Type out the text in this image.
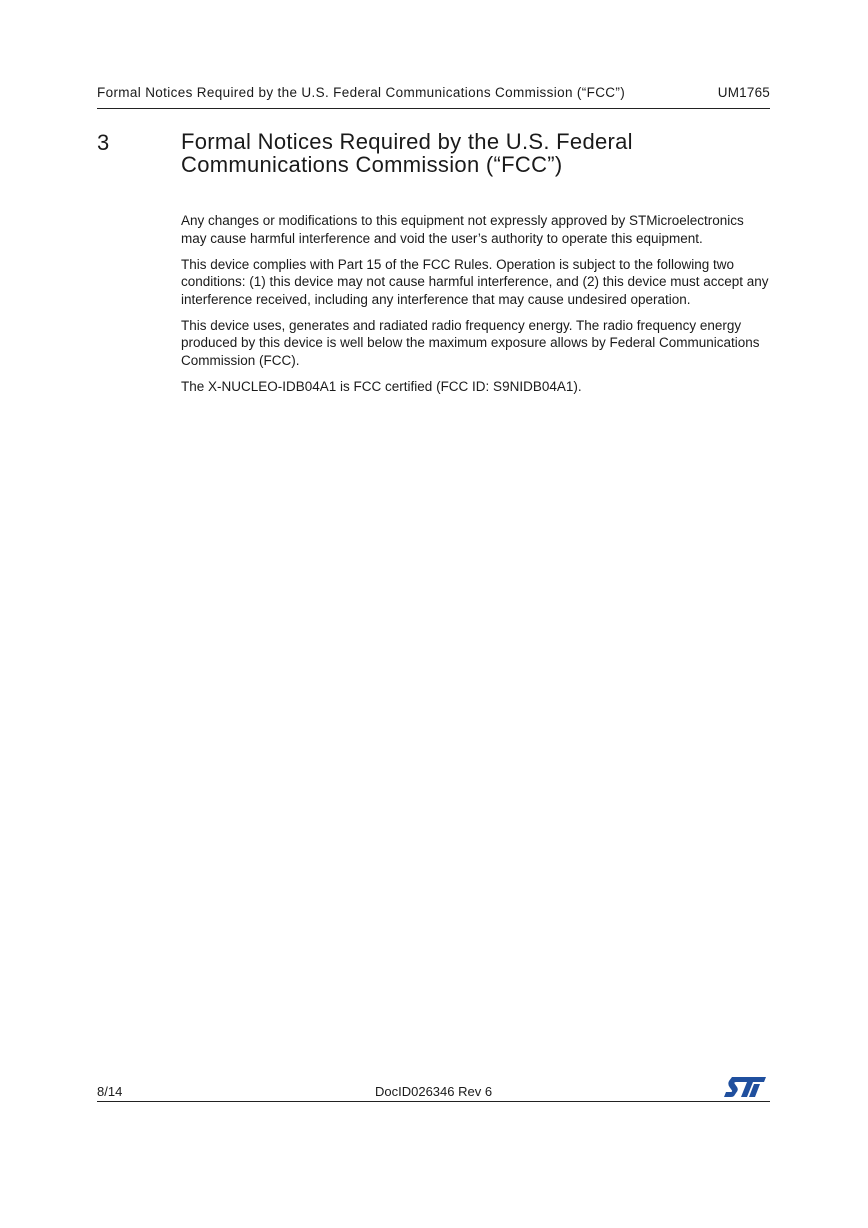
Formal Notices Required by the U.S. Federal Communications Commission (“FCC”)	UM1765
3	Formal Notices Required by the U.S. Federal
Communications Commission (“FCC”)

Any changes or modifications to this equipment not expressly approved by STMicroelectronics may cause harmful interference and void the user’s authority to operate this equipment.

This device complies with Part 15 of the FCC Rules. Operation is subject to the following two conditions: (1) this device may not cause harmful interference, and (2) this device must accept any interference received, including any interference that may cause undesired operation.

This device uses, generates and radiated radio frequency energy. The radio frequency energy produced by this device is well below the maximum exposure allows by Federal Communications Commission (FCC).

The X-NUCLEO-IDB04A1 is FCC certified (FCC ID: S9NIDB04A1).

8/14	DocID026346 Rev 6
